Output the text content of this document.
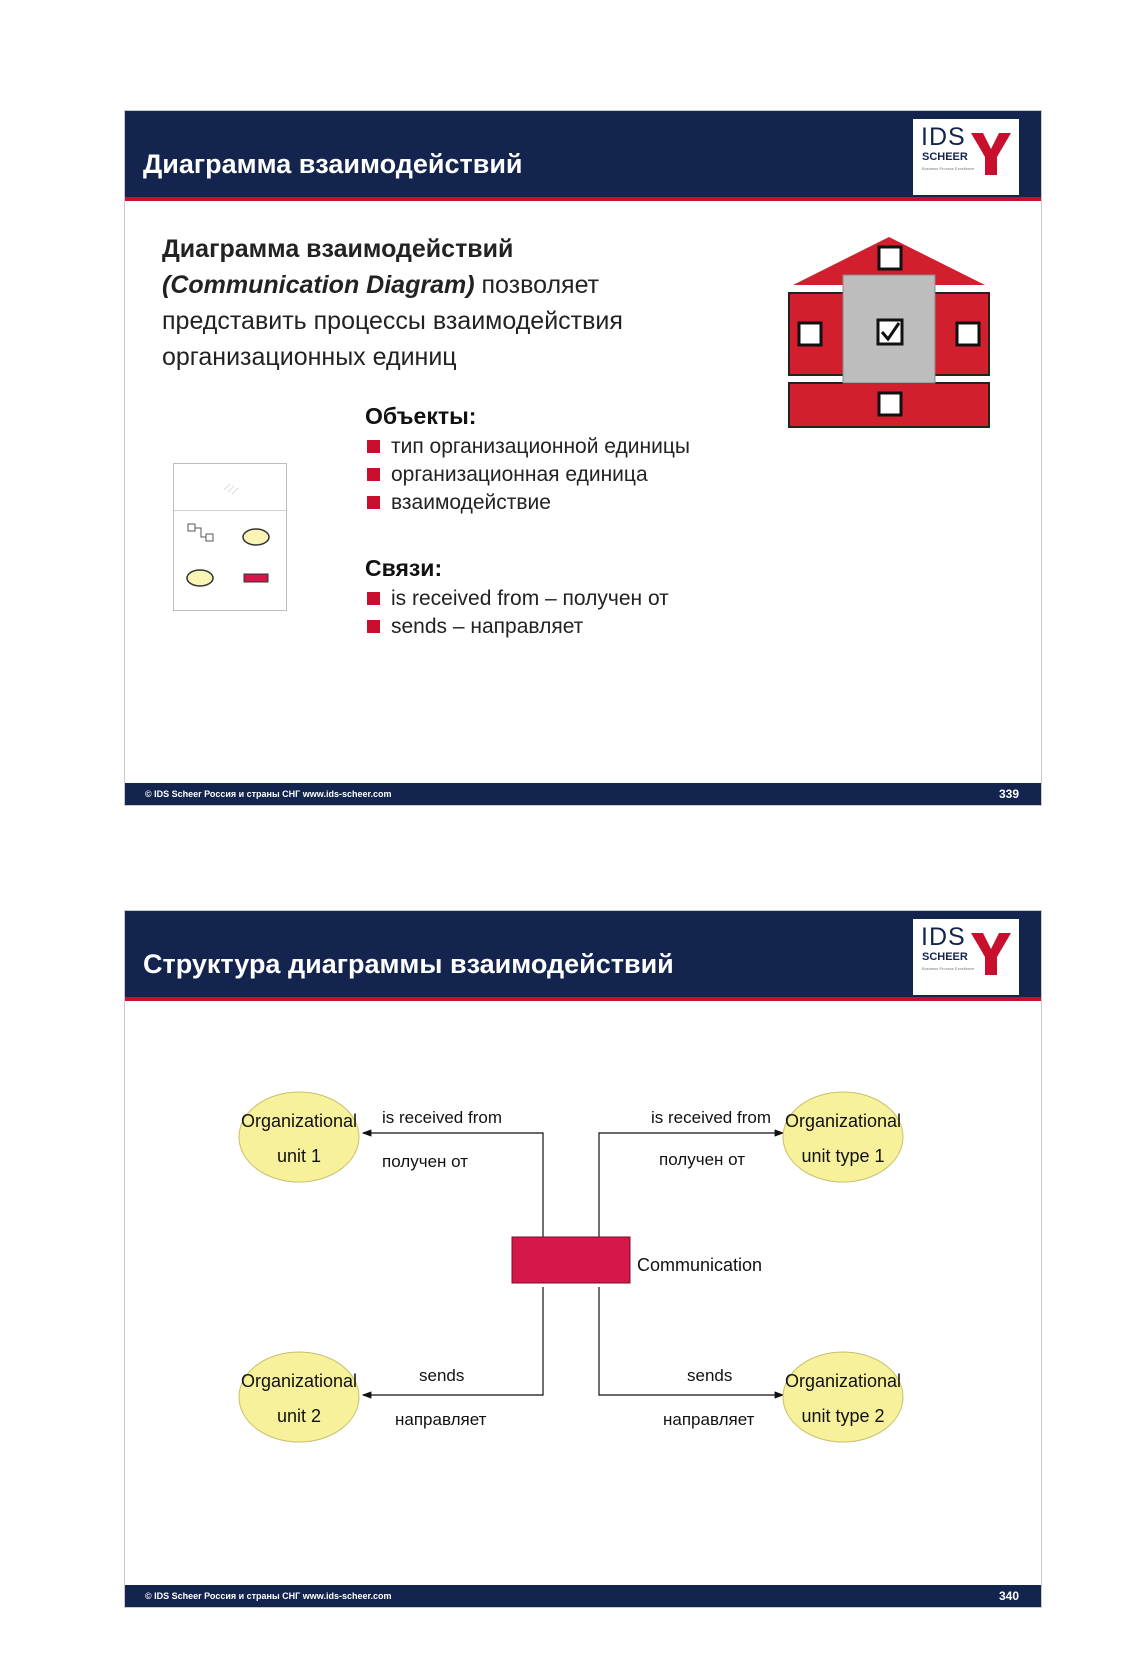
Диаграмма взаимодействий
IDS
SCHEER
Business Process Excellence
Диаграмма взаимодействий
(Communication Diagram) позволяет
представить процессы взаимодействия
организационных единиц
Объекты:
тип организационной единицы
организационная единица
взаимодействие
Связи:
is received from – получен от
sends – направляет
© IDS Scheer Россия и страны СНГ www.ids-scheer.com	339
Структура диаграммы взаимодействий
IDS
SCHEER
Business Process Excellence
Communication
Organizational
unit 1
Organizational
unit type 1
Organizational
unit 2
Organizational
unit type 2
is received from
получен от
is received from
получен от
sends
направляет
sends
направляет
© IDS Scheer Россия и страны СНГ www.ids-scheer.com	340
